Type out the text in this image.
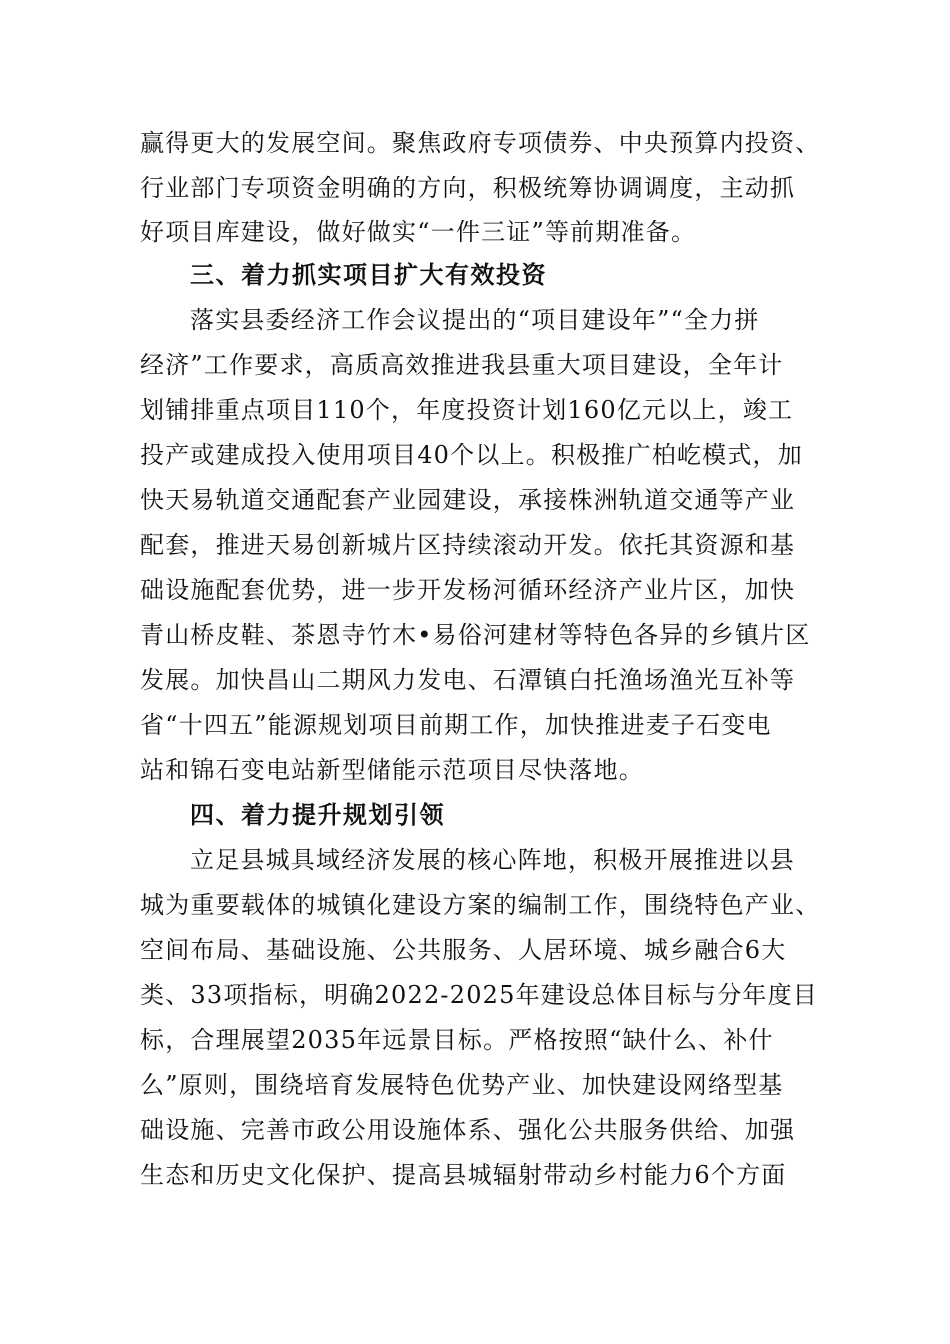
赢得更大的发展空间。聚焦政府专项债券、中央预算内投资、
行业部门专项资金明确的方向，积极统筹协调调度，主动抓
好项目库建设，做好做实“一件三证”等前期准备。
三、着力抓实项目扩大有效投资
落实县委经济工作会议提出的“项目建设年”“全力拼
经济”工作要求，高质高效推进我县重大项目建设，全年计
划铺排重点项目110个，年度投资计划160亿元以上，竣工
投产或建成投入使用项目40个以上。积极推广柏屹模式，加
快天易轨道交通配套产业园建设，承接株洲轨道交通等产业
配套，推进天易创新城片区持续滚动开发。依托其资源和基
础设施配套优势，进一步开发杨河循环经济产业片区，加快
青山桥皮鞋、茶恩寺竹木•易俗河建材等特色各异的乡镇片区
发展。加快昌山二期风力发电、石潭镇白托渔场渔光互补等
省“十四五”能源规划项目前期工作，加快推进麦子石变电
站和锦石变电站新型储能示范项目尽快落地。
四、着力提升规划引领
立足县城具域经济发展的核心阵地，积极开展推进以县
城为重要载体的城镇化建设方案的编制工作，围绕特色产业、
空间布局、基础设施、公共服务、人居环境、城乡融合6大
类、33项指标，明确2022-2025年建设总体目标与分年度目
标，合理展望2035年远景目标。严格按照“缺什么、补什
么”原则，围绕培育发展特色优势产业、加快建设网络型基
础设施、完善市政公用设施体系、强化公共服务供给、加强
生态和历史文化保护、提高县城辐射带动乡村能力6个方面
